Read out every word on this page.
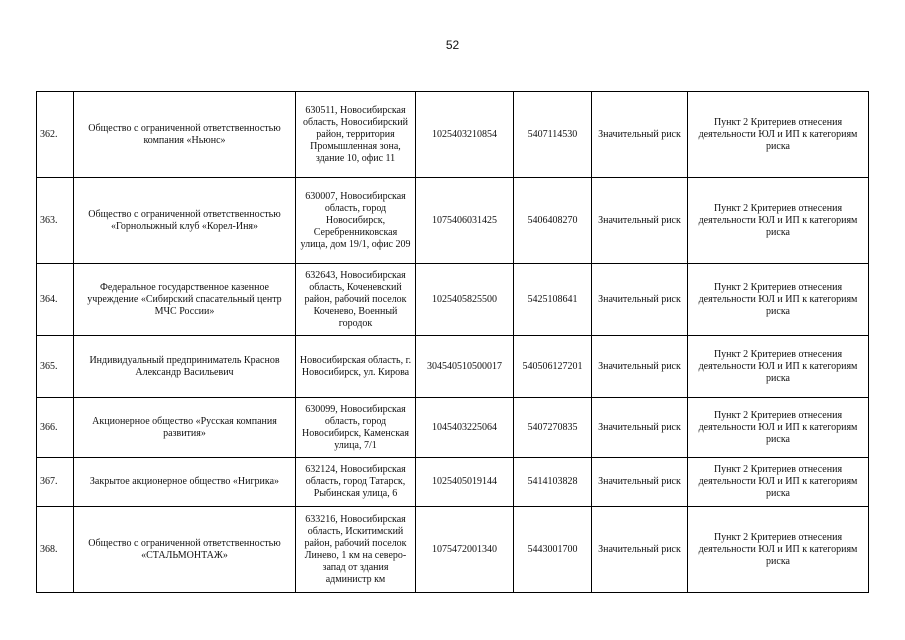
52
362.	Общество с ограниченной ответственностью компания «Ньюнс»	630511, Новосибирская область, Новосибирский район, территория Промышленная зона, здание 10, офис 11	1025403210854	5407114530	Значительный риск	Пункт 2 Критериев отнесения деятельности ЮЛ и ИП к категориям риска
363.	Общество с ограниченной ответственностью «Горнолыжный клуб «Корел-Иня»	630007, Новосибирская область, город Новосибирск, Серебренниковская улица, дом 19/1, офис 209	1075406031425	5406408270	Значительный риск	Пункт 2 Критериев отнесения деятельности ЮЛ и ИП к категориям риска
364.	Федеральное государственное казенное учреждение «Сибирский спасательный центр МЧС России»	632643, Новосибирская область, Коченевский район, рабочий поселок Коченево, Военный городок	1025405825500	5425108641	Значительный риск	Пункт 2 Критериев отнесения деятельности ЮЛ и ИП к категориям риска
365.	Индивидуальный предприниматель Краснов Александр Васильевич	Новосибирская область, г. Новосибирск, ул. Кирова	304540510500017	540506127201	Значительный риск	Пункт 2 Критериев отнесения деятельности ЮЛ и ИП к категориям риска
366.	Акционерное общество «Русская компания развития»	630099, Новосибирская область, город Новосибирск, Каменская улица, 7/1	1045403225064	5407270835	Значительный риск	Пункт 2 Критериев отнесения деятельности ЮЛ и ИП к категориям риска
367.	Закрытое акционерное общество «Нигрика»	632124, Новосибирская область, город Татарск, Рыбинская улица, 6	1025405019144	5414103828	Значительный риск	Пункт 2 Критериев отнесения деятельности ЮЛ и ИП к категориям риска
368.	Общество с ограниченной ответственностью «СТАЛЬМОНТАЖ»	633216, Новосибирская область, Искитимский район, рабочий поселок Линево, 1 км на северо-запад от здания администр км	1075472001340	5443001700	Значительный риск	Пункт 2 Критериев отнесения деятельности ЮЛ и ИП к категориям риска
